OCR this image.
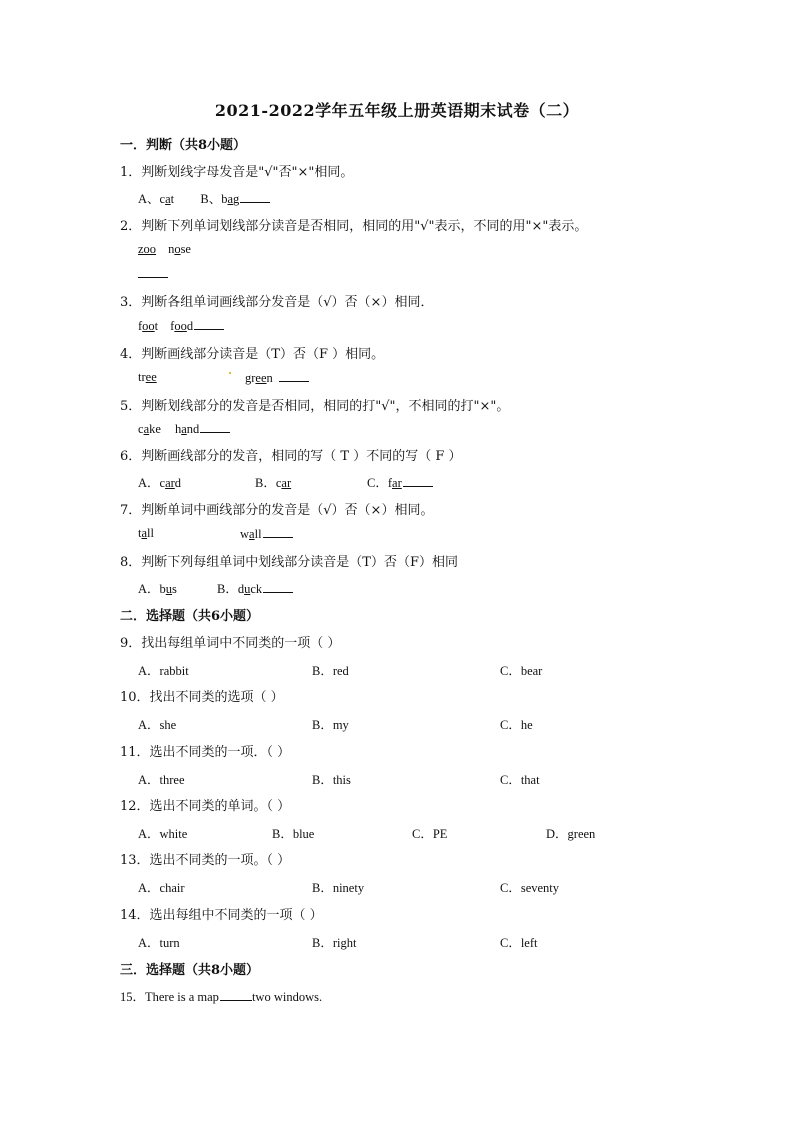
2021-2022学年五年级上册英语期末试卷（二）
一．判断（共8小题）
1．判断划线字母发音是"√"否"×"相同。
A、cat B、bag
2．判断下列单词划线部分读音是否相同，相同的用"√"表示，不同的用"×"表示。
zoo nose
3．判断各组单词画线部分发音是（√）否（×）相同．
foot food
4．判断画线部分读音是（T）否（F ）相同。
tree	green
5．判断划线部分的发音是否相同，相同的打"√"，不相同的打"×"。
cake hand
6．判断画线部分的发音，相同的写（ T ）不同的写（ F ）
A．card	B．car	C．far
7．判断单词中画线部分的发音是（√）否（×）相同。
tall	wall
8．判断下列每组单词中划线部分读音是（T）否（F）相同
A．bus	B．duck
二．选择题（共6小题）
9．找出每组单词中不同类的一项（ ）
A．rabbit	B．red	C．bear
10．找出不同类的选项（ ）
A．she	B．my	C．he
11．选出不同类的一项．（ ）
A．three	B．this	C．that
12．选出不同类的单词。（ ）
A．white	B．blue	C．PE	D．green
13．选出不同类的一项。（ ）
A．chair	B．ninety	C．seventy
14．选出每组中不同类的一项（ ）
A．turn	B．right	C．left
三．选择题（共8小题）
15．There is a map	two windows.
